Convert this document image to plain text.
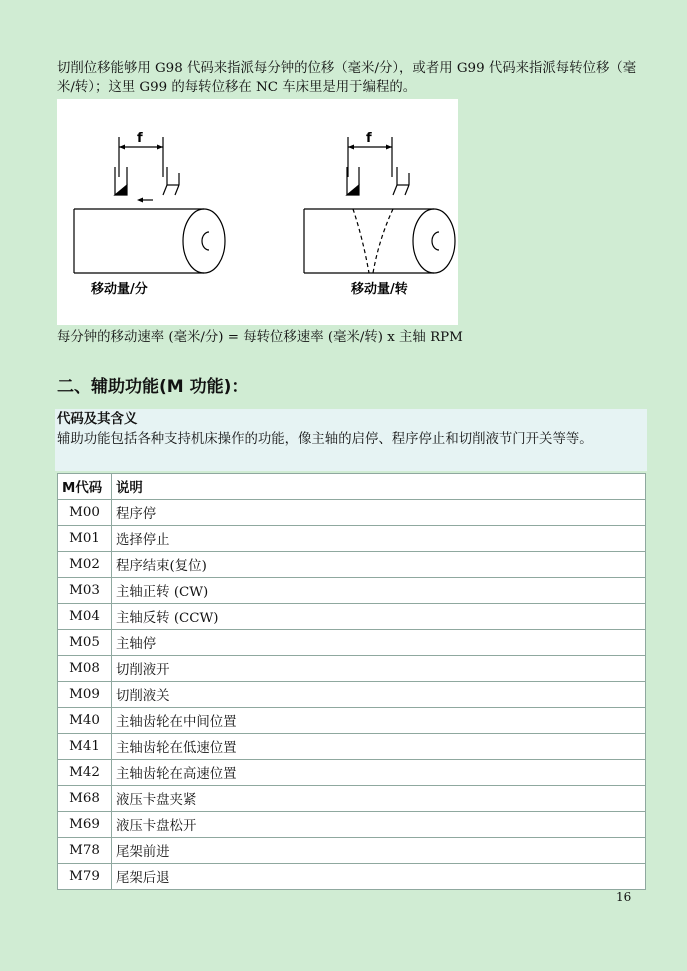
切削位移能够用 G98 代码来指派每分钟的位移（毫米/分），或者用 G99 代码来指派每转位移（毫米/转）；这里 G99 的每转位移在 NC 车床里是用于编程的。

f	f
移动量/分	移动量/转

每分钟的移动速率 (毫米/分) = 每转位移速率 (毫米/转) x 主轴 RPM

二、辅助功能(M 功能)：

代码及其含义

辅助功能包括各种支持机床操作的功能，像主轴的启停、程序停止和切削液节门开关等等。

M代码	说明
M00	程序停
M01	选择停止
M02	程序结束(复位)
M03	主轴正转 (CW)
M04	主轴反转 (CCW)
M05	主轴停
M08	切削液开
M09	切削液关
M40	主轴齿轮在中间位置
M41	主轴齿轮在低速位置
M42	主轴齿轮在高速位置
M68	液压卡盘夹紧
M69	液压卡盘松开
M78	尾架前进
M79	尾架后退
16
